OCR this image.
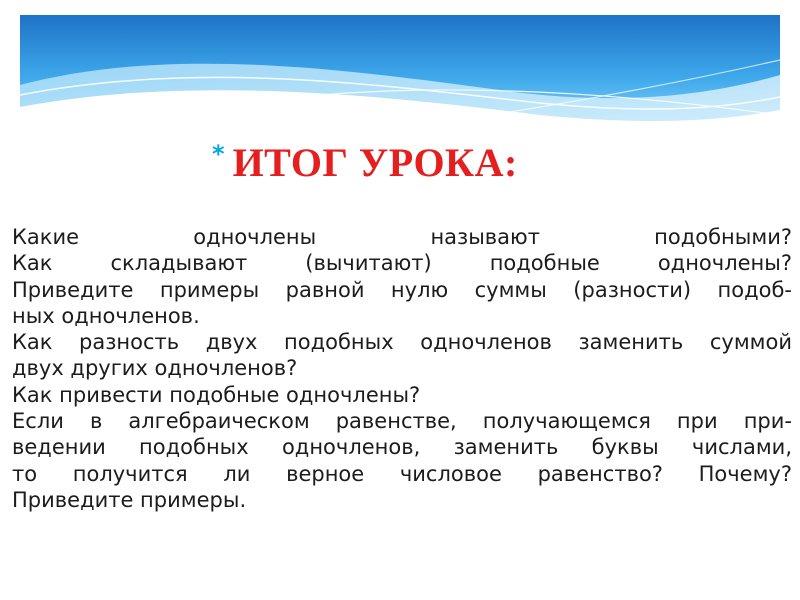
* ИТОГ УРОКА:
Какие одночлены называют подобными?
Как складывают (вычитают) подобные одночлены?
Приведите примеры равной нулю суммы (разности) подоб-
ных одночленов.
Как разность двух подобных одночленов заменить суммой
двух других одночленов?
Как привести подобные одночлены?
Если в алгебраическом равенстве, получающемся при при-
ведении подобных одночленов, заменить буквы числами,
то получится ли верное числовое равенство? Почему?
Приведите примеры.
